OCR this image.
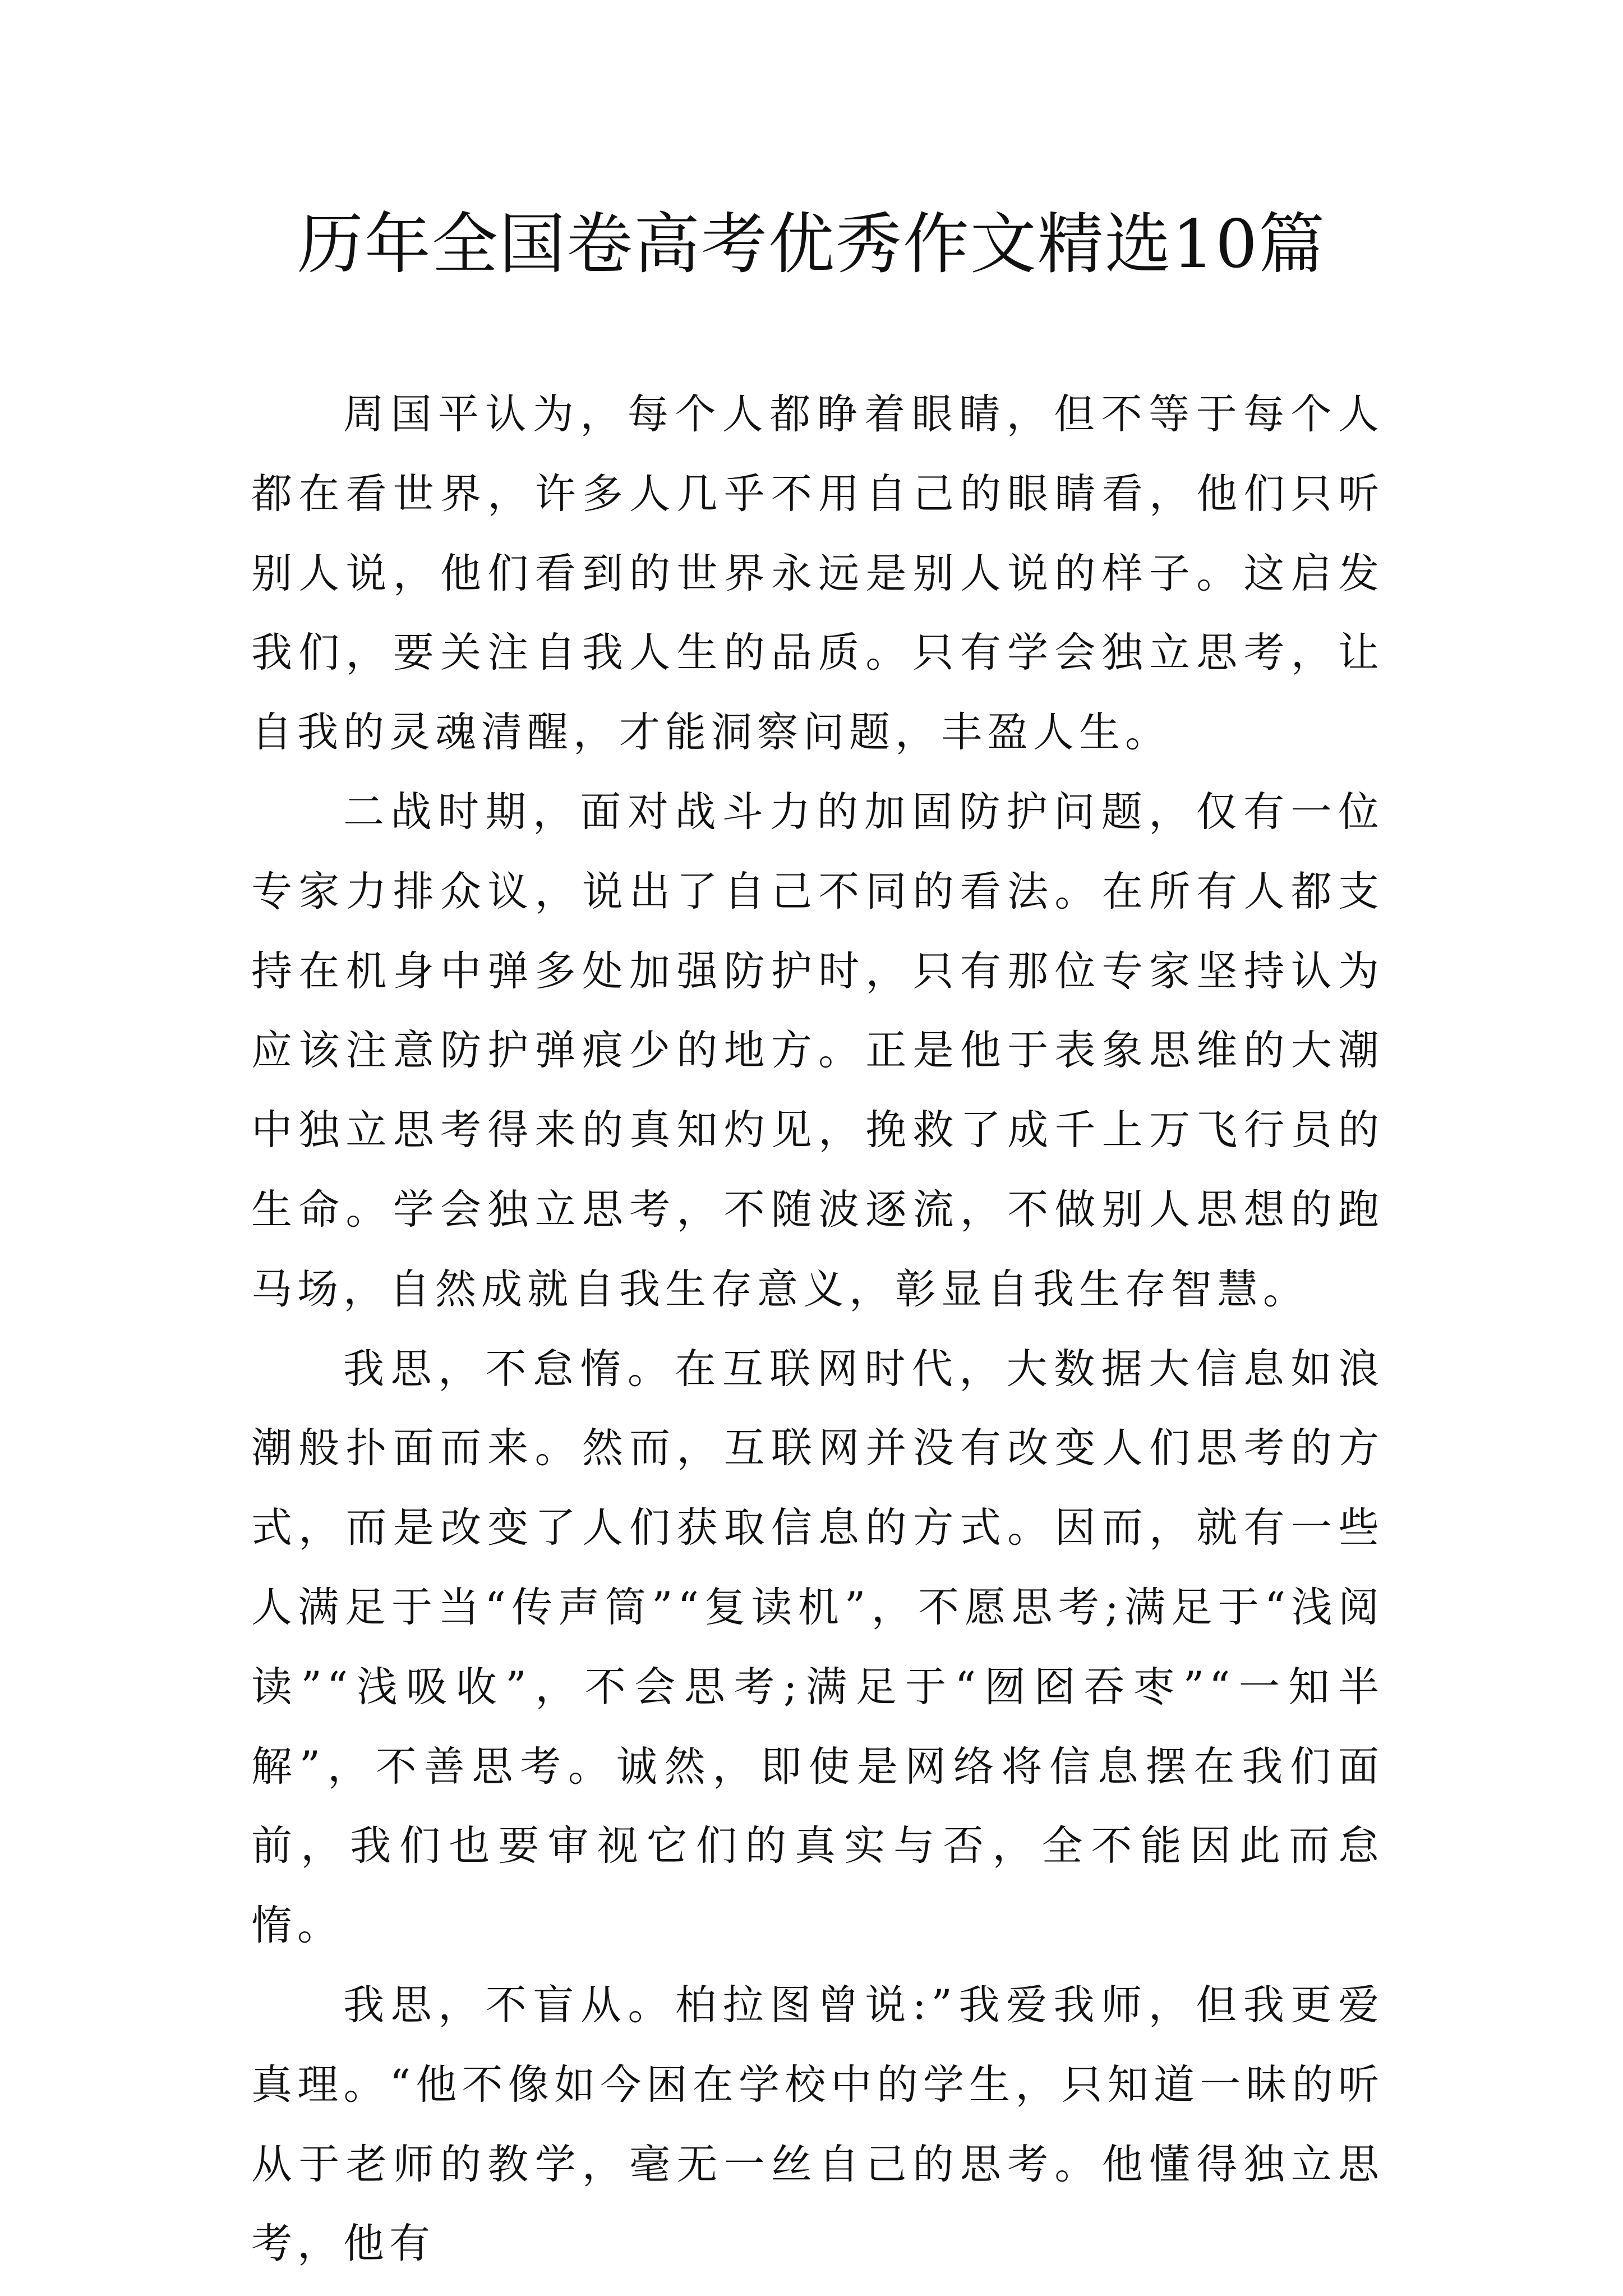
历年全国卷高考优秀作文精选10篇

周国平认为，每个人都睁着眼睛，但不等于每个人都在看世界，许多人几乎不用自己的眼睛看，他们只听别人说，他们看到的世界永远是别人说的样子。这启发我们，要关注自我人生的品质。只有学会独立思考，让自我的灵魂清醒，才能洞察问题，丰盈人生。

二战时期，面对战斗力的加固防护问题，仅有一位专家力排众议，说出了自己不同的看法。在所有人都支持在机身中弹多处加强防护时，只有那位专家坚持认为应该注意防护弹痕少的地方。正是他于表象思维的大潮中独立思考得来的真知灼见，挽救了成千上万飞行员的生命。学会独立思考，不随波逐流，不做别人思想的跑马场，自然成就自我生存意义，彰显自我生存智慧。

我思，不怠惰。在互联网时代，大数据大信息如浪潮般扑面而来。然而，互联网并没有改变人们思考的方式，而是改变了人们获取信息的方式。因而，就有一些人满足于当“传声筒”“复读机”，不愿思考;满足于“浅阅读”“浅吸收”，不会思考;满足于“囫囵吞枣”“一知半解”，不善思考。诚然，即使是网络将信息摆在我们面前，我们也要审视它们的真实与否，全不能因此而怠惰。

我思，不盲从。柏拉图曾说:”我爱我师，但我更爱真理。“他不像如今困在学校中的学生，只知道一昧的听从于老师的教学，毫无一丝自己的思考。他懂得独立思考，他有
